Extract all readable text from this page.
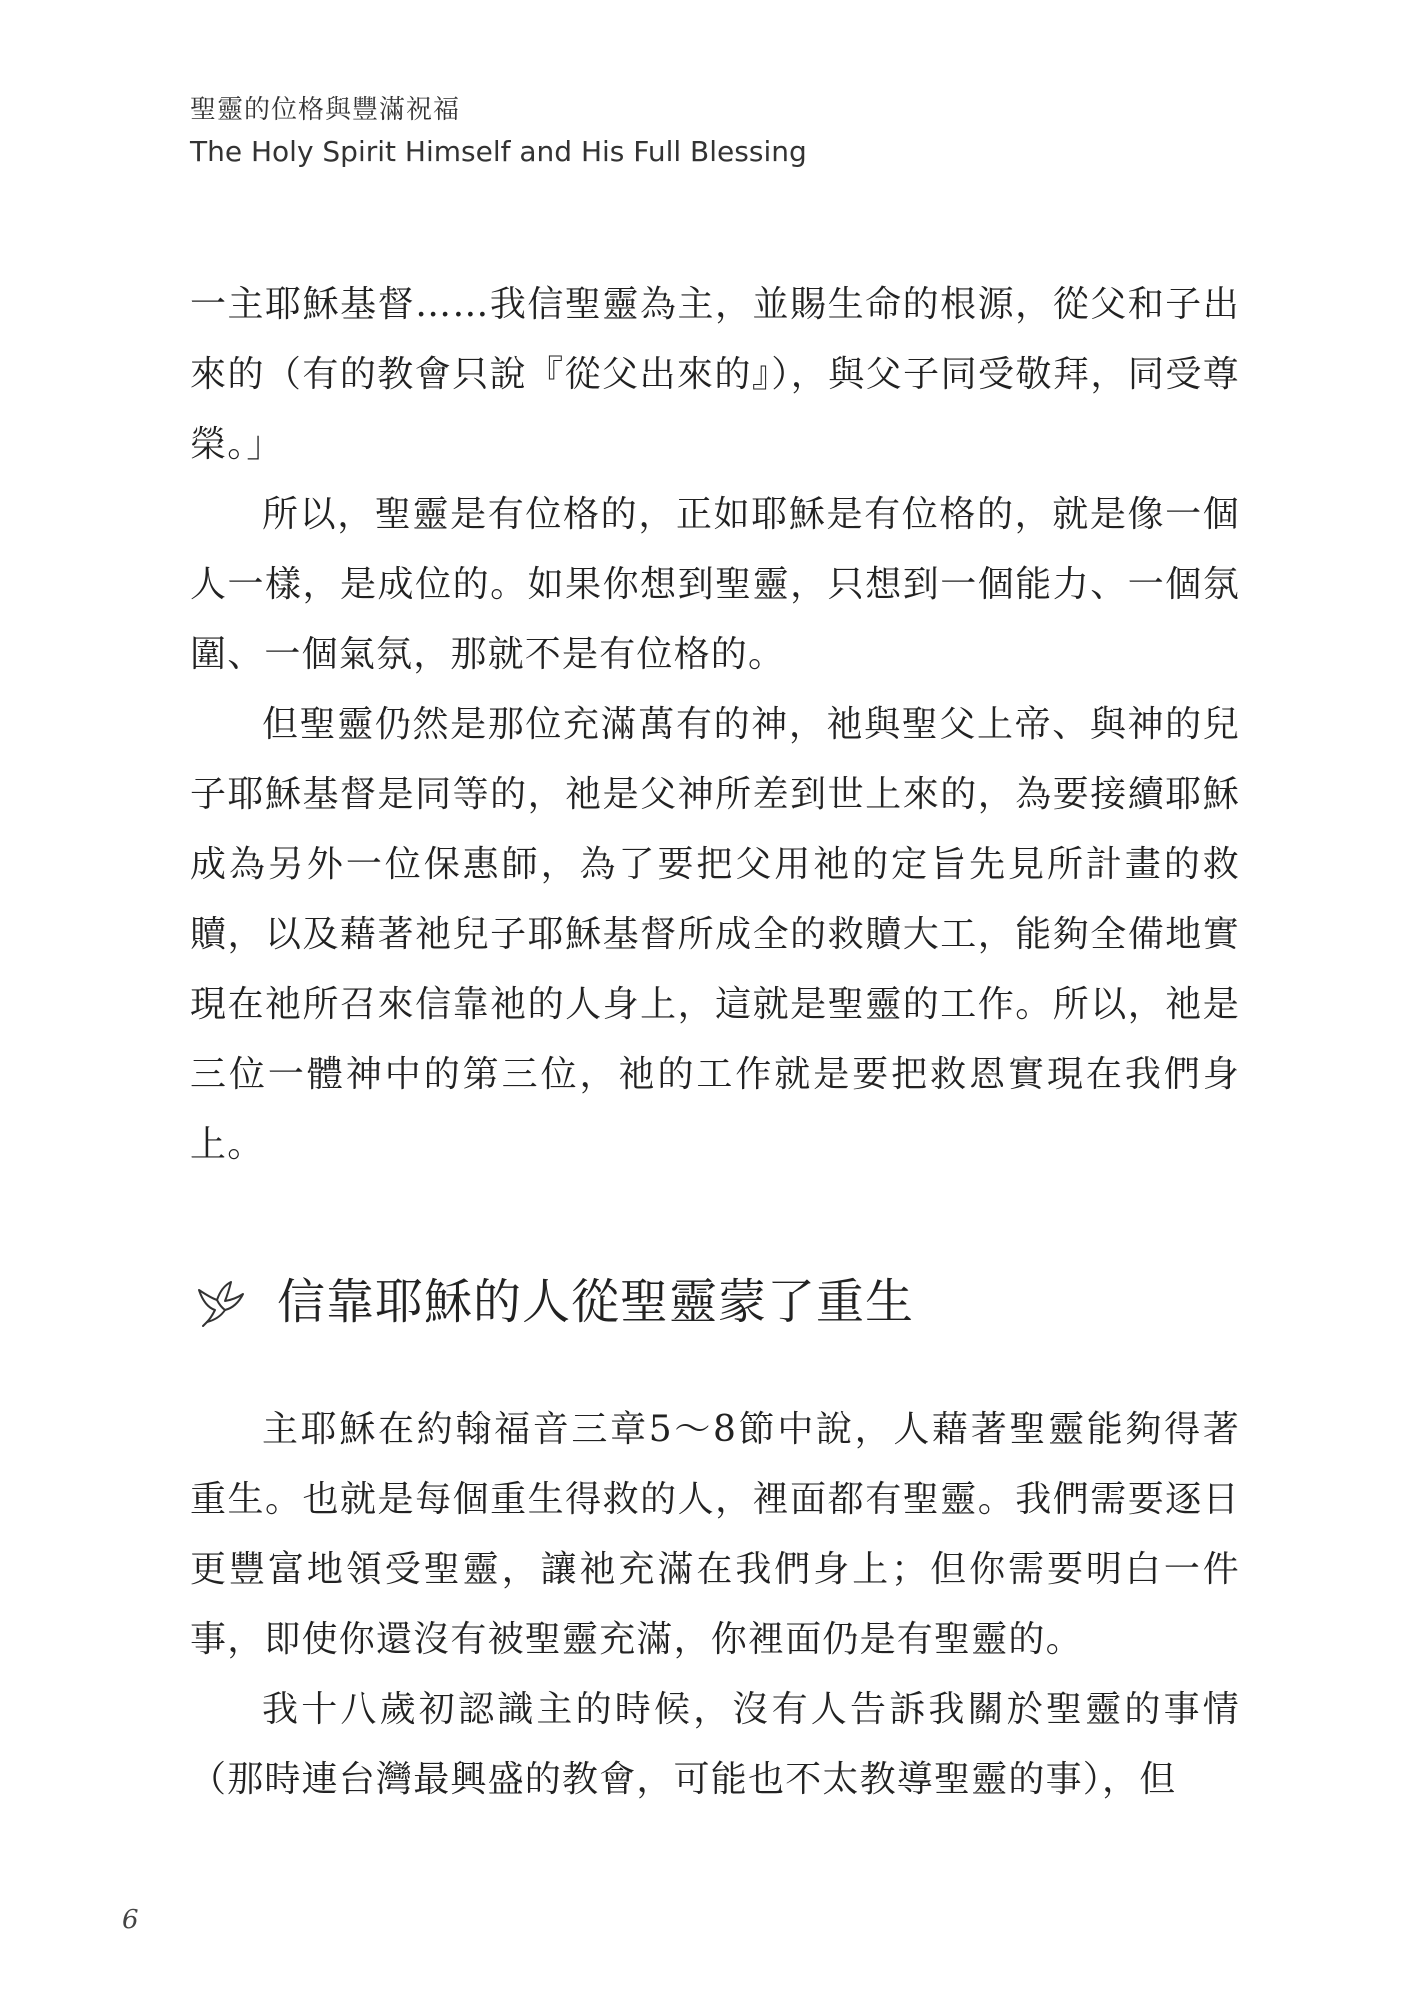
聖靈的位格與豐滿祝福
The Holy Spirit Himself and His Full Blessing

一主耶穌基督……我信聖靈為主，並賜生命的根源，從父和子出來的（有的教會只說『從父出來的』），與父子同受敬拜，同受尊榮。」

所以，聖靈是有位格的，正如耶穌是有位格的，就是像一個人一樣，是成位的。如果你想到聖靈，只想到一個能力、一個氛圍、一個氣氛，那就不是有位格的。

但聖靈仍然是那位充滿萬有的神，祂與聖父上帝、與神的兒子耶穌基督是同等的，祂是父神所差到世上來的，為要接續耶穌成為另外一位保惠師，為了要把父用祂的定旨先見所計畫的救贖，以及藉著祂兒子耶穌基督所成全的救贖大工，能夠全備地實現在祂所召來信靠祂的人身上，這就是聖靈的工作。所以，祂是三位一體神中的第三位，祂的工作就是要把救恩實現在我們身上。

信靠耶穌的人從聖靈蒙了重生

主耶穌在約翰福音三章5～8節中說，人藉著聖靈能夠得著重生。也就是每個重生得救的人，裡面都有聖靈。我們需要逐日更豐富地領受聖靈，讓祂充滿在我們身上；但你需要明白一件事，即使你還沒有被聖靈充滿，你裡面仍是有聖靈的。

我十八歲初認識主的時候，沒有人告訴我關於聖靈的事情（那時連台灣最興盛的教會，可能也不太教導聖靈的事），但

6
